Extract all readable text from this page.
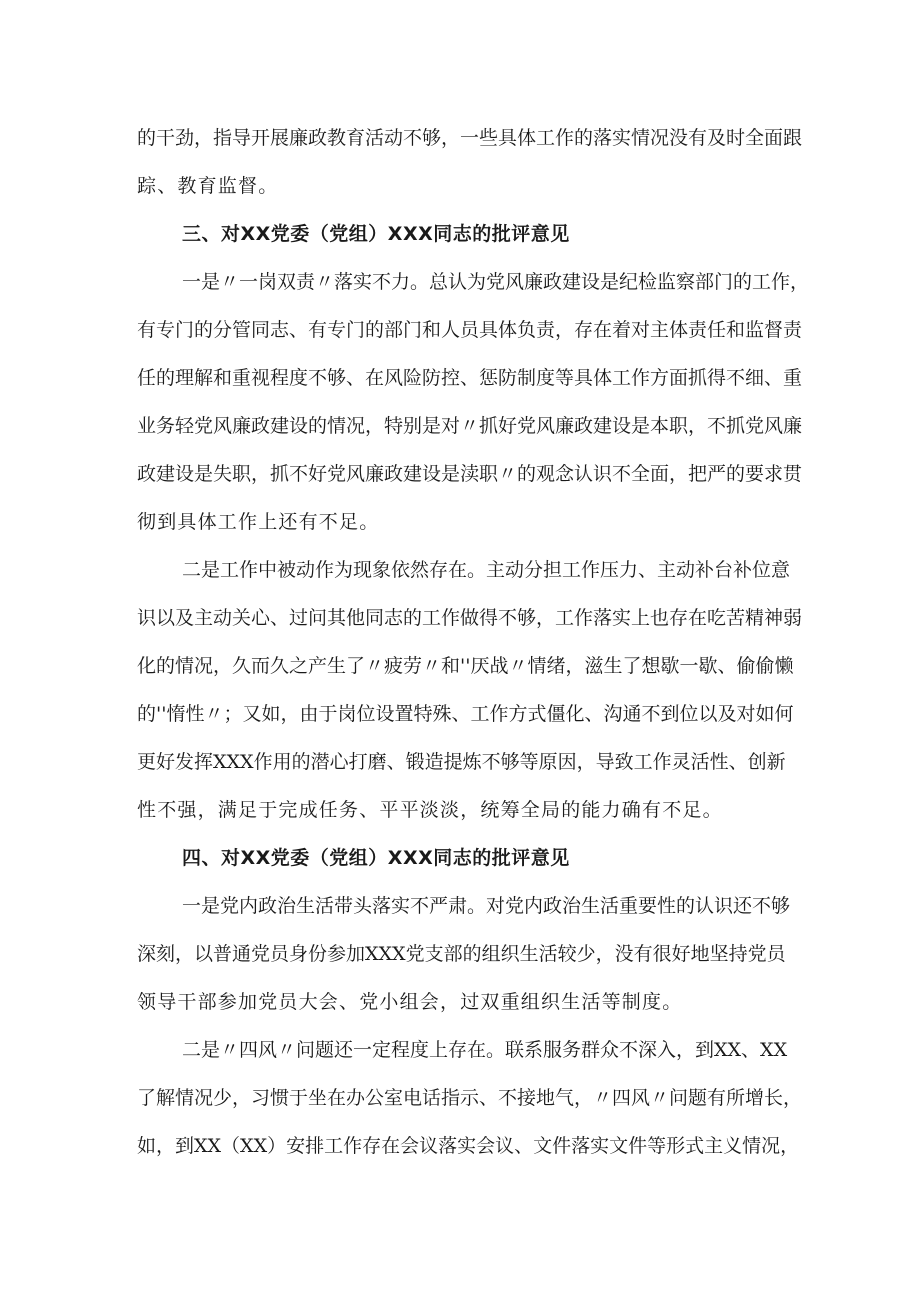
的干劲，指导开展廉政教育活动不够，一些具体工作的落实情况没有及时全面跟
踪、教育监督。
三、对XX党委（党组）XXX同志的批评意见
一是〃一岗双责〃落实不力。总认为党风廉政建设是纪检监察部门的工作，
有专门的分管同志、有专门的部门和人员具体负责，存在着对主体责任和监督责
任的理解和重视程度不够、在风险防控、惩防制度等具体工作方面抓得不细、重
业务轻党风廉政建设的情况，特别是对〃抓好党风廉政建设是本职，不抓党风廉
政建设是失职，抓不好党风廉政建设是渎职〃的观念认识不全面，把严的要求贯
彻到具体工作上还有不足。
二是工作中被动作为现象依然存在。主动分担工作压力、主动补台补位意
识以及主动关心、过问其他同志的工作做得不够，工作落实上也存在吃苦精神弱
化的情况，久而久之产生了〃疲劳〃和''厌战〃情绪，滋生了想歇一歇、偷偷懒
的''惰性〃；又如，由于岗位设置特殊、工作方式僵化、沟通不到位以及对如何
更好发挥XXX作用的潜心打磨、锻造提炼不够等原因，导致工作灵活性、创新
性不强，满足于完成任务、平平淡淡，统筹全局的能力确有不足。
四、对XX党委（党组）XXX同志的批评意见
一是党内政治生活带头落实不严肃。对党内政治生活重要性的认识还不够
深刻，以普通党员身份参加XXX党支部的组织生活较少，没有很好地坚持党员
领导干部参加党员大会、党小组会，过双重组织生活等制度。
二是〃四风〃问题还一定程度上存在。联系服务群众不深入，到XX、XX
了解情况少，习惯于坐在办公室电话指示、不接地气，〃四风〃问题有所增长，
如，到XX（XX）安排工作存在会议落实会议、文件落实文件等形式主义情况，
